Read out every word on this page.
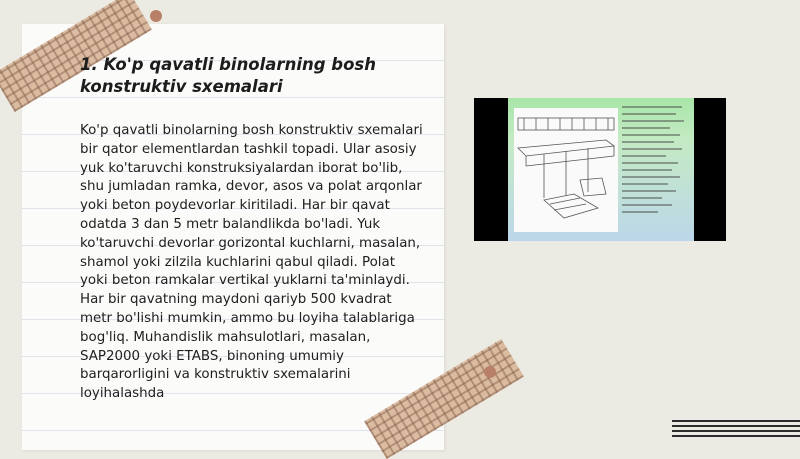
1. Ko'p qavatli binolarning bosh konstruktiv sxemalari

Ko'p qavatli binolarning bosh konstruktiv sxemalari bir qator elementlardan tashkil topadi. Ular asosiy yuk ko'taruvchi konstruksiyalardan iborat bo'lib, shu jumladan ramka, devor, asos va polat arqonlar yoki beton poydevorlar kiritiladi. Har bir qavat odatda 3 dan 5 metr balandlikda bo'ladi. Yuk ko'taruvchi devorlar gorizontal kuchlarni, masalan, shamol yoki zilzila kuchlarini qabul qiladi. Polat yoki beton ramkalar vertikal yuklarni ta'minlaydi. Har bir qavatning maydoni qariyb 500 kvadrat metr bo'lishi mumkin, ammo bu loyiha talablariga bog'liq. Muhandislik mahsulotlari, masalan, SAP2000 yoki ETABS, binoning umumiy barqarorligini va konstruktiv sxemalarini loyihalashda
